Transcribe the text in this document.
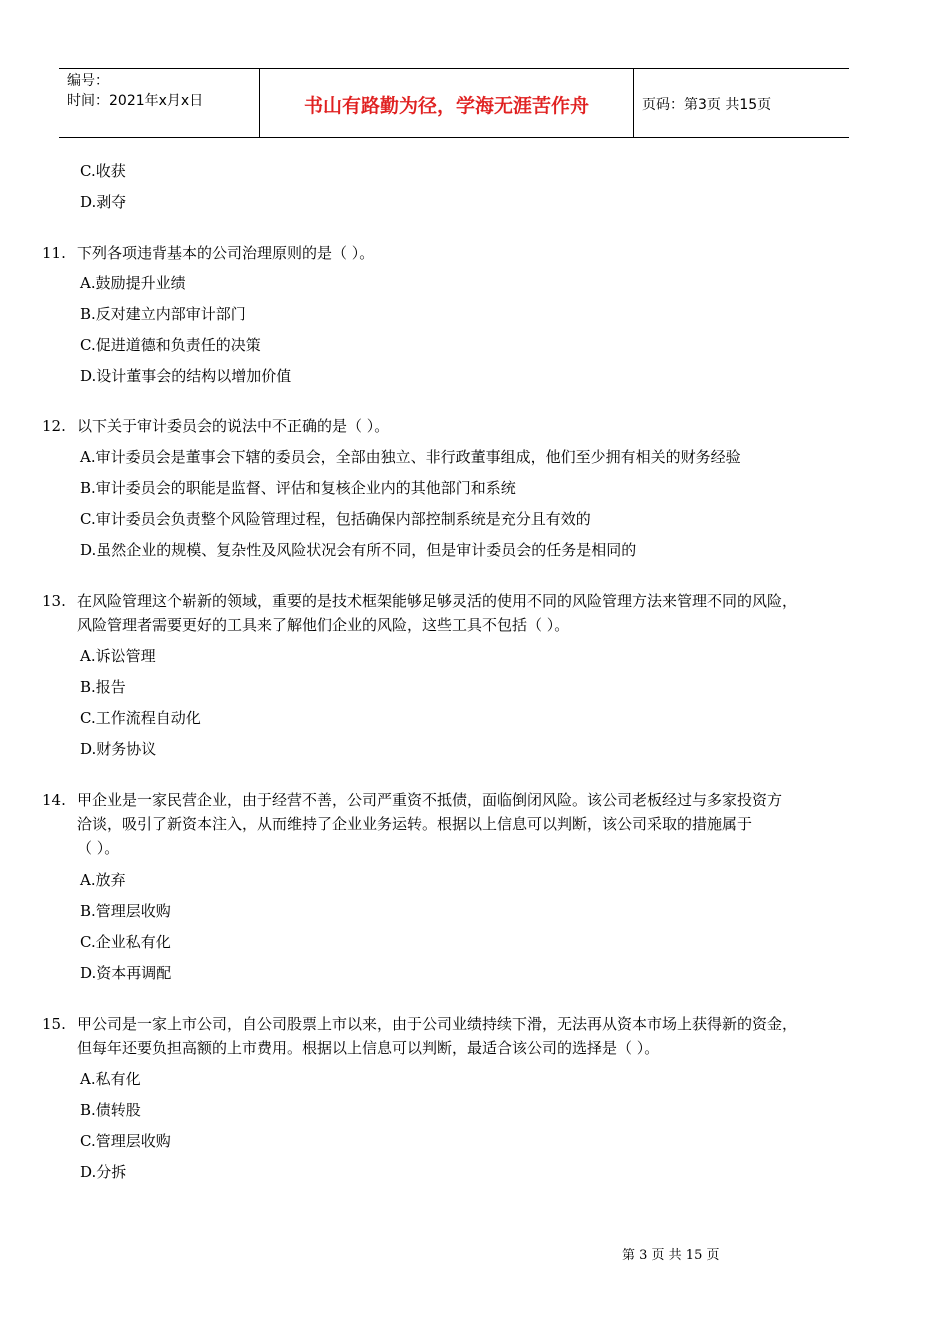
编号：
时间：2021年x月x日	书山有路勤为径，学海无涯苦作舟	页码：第3页 共15页
C.收获
D.剥夺
11. 下列各项违背基本的公司治理原则的是（ ）。
A.鼓励提升业绩
B.反对建立内部审计部门
C.促进道德和负责任的决策
D.设计董事会的结构以增加价值
12. 以下关于审计委员会的说法中不正确的是（ ）。
A.审计委员会是董事会下辖的委员会，全部由独立、非行政董事组成，他们至少拥有相关的财务经验
B.审计委员会的职能是监督、评估和复核企业内的其他部门和系统
C.审计委员会负责整个风险管理过程，包括确保内部控制系统是充分且有效的
D.虽然企业的规模、复杂性及风险状况会有所不同，但是审计委员会的任务是相同的
13. 在风险管理这个崭新的领域，重要的是技术框架能够足够灵活的使用不同的风险管理方法来管理不同的风险，
风险管理者需要更好的工具来了解他们企业的风险，这些工具不包括（ ）。
A.诉讼管理
B.报告
C.工作流程自动化
D.财务协议
14. 甲企业是一家民营企业，由于经营不善，公司严重资不抵债，面临倒闭风险。该公司老板经过与多家投资方
洽谈，吸引了新资本注入，从而维持了企业业务运转。根据以上信息可以判断，该公司采取的措施属于
（ ）。
A.放弃
B.管理层收购
C.企业私有化
D.资本再调配
15. 甲公司是一家上市公司，自公司股票上市以来，由于公司业绩持续下滑，无法再从资本市场上获得新的资金，
但每年还要负担高额的上市费用。根据以上信息可以判断，最适合该公司的选择是（ ）。
A.私有化
B.债转股
C.管理层收购
D.分拆
第 3 页 共 15 页
